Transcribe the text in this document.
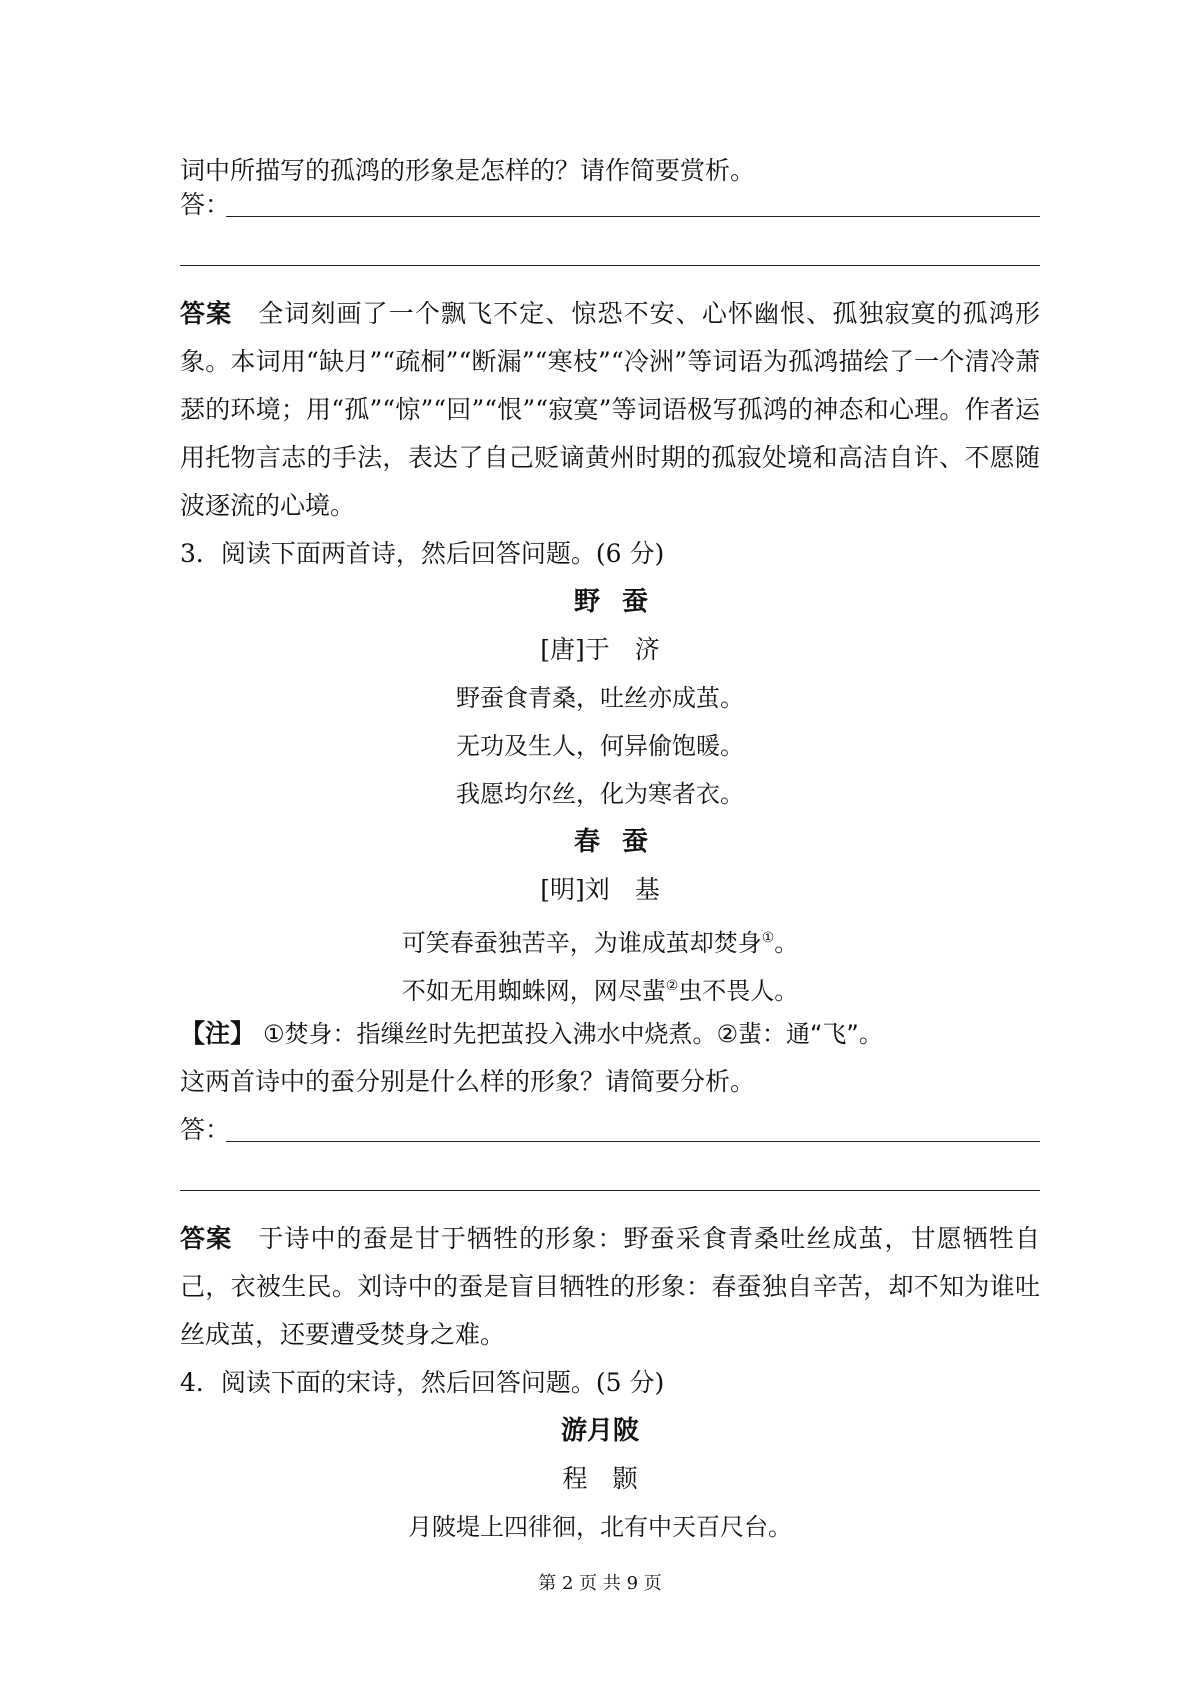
词中所描写的孤鸿的形象是怎样的？请作简要赏析。
答：
答案　 全词刻画了一个飘飞不定、惊恐不安、心怀幽恨、孤独寂寞的孤鸿形象。本词用“缺月”“疏桐”“断漏”“寒枝”“冷洲”等词语为孤鸿描绘了一个清冷萧瑟的环境；用“孤”“惊”“回”“恨”“寂寞”等词语极写孤鸿的神态和心理。作者运用托物言志的手法，表达了自己贬谪黄州时期的孤寂处境和高洁自许、不愿随波逐流的心境。
3．阅读下面两首诗，然后回答问题。(6 分)
野蚕
[唐]于　济
野蚕食青桑，吐丝亦成茧。
无功及生人，何异偷饱暖。
我愿均尔丝，化为寒者衣。
春蚕
[明]刘　基
可笑春蚕独苦辛，为谁成茧却焚身①。
不如无用蜘蛛网，网尽蜚②虫不畏人。
【注】 ①焚身：指缫丝时先把茧投入沸水中烧煮。②蜚：通“飞”。
这两首诗中的蚕分别是什么样的形象？请简要分析。
答：
答案　 于诗中的蚕是甘于牺牲的形象：野蚕采食青桑吐丝成茧，甘愿牺牲自己，衣被生民。刘诗中的蚕是盲目牺牲的形象：春蚕独自辛苦，却不知为谁吐丝成茧，还要遭受焚身之难。
4．阅读下面的宋诗，然后回答问题。(5 分)
游月陂
程　颢
月陂堤上四徘徊，北有中天百尺台。
第 2 页 共 9 页
